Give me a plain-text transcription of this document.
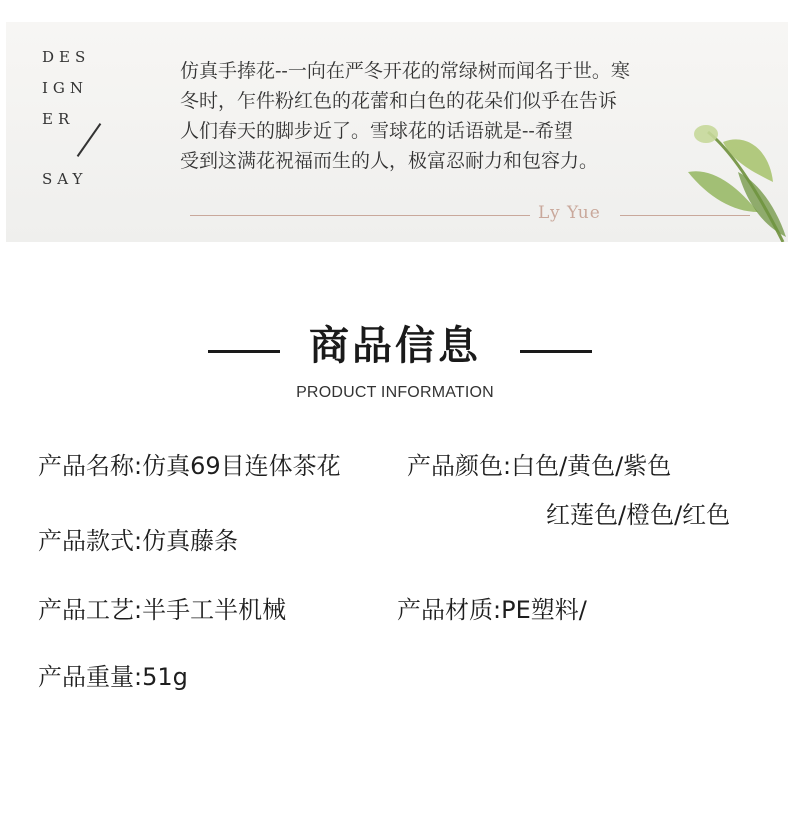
DES
IGN
ER
SAY
仿真手捧花--一向在严冬开花的常绿树而闻名于世。寒
冬时，乍件粉红色的花蕾和白色的花朵们似乎在告诉
人们春天的脚步近了。雪球花的话语就是--希望
受到这满花祝福而生的人，极富忍耐力和包容力。
Ly Yue
商品信息

PRODUCT INFORMATION

产品名称:仿真69目连体茶花	产品颜色:白色/黄色/紫色
红莲色/橙色/红色
产品款式:仿真藤条
产品工艺:半手工半机械	产品材质:PE塑料/
产品重量:51g
